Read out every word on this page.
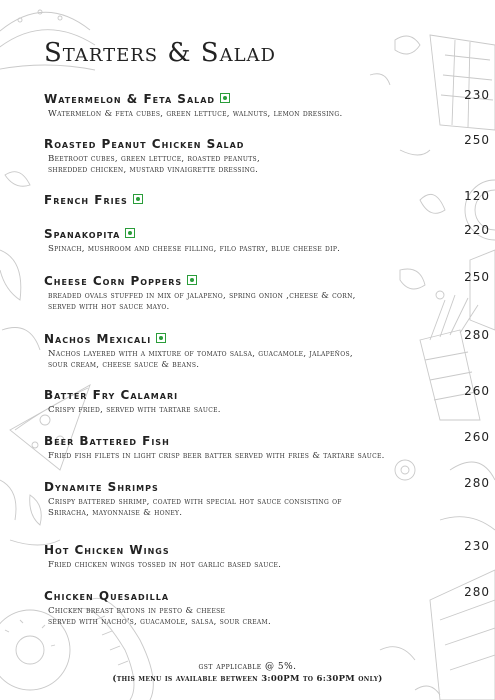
Starters & Salad
Watermelon & Feta Salad	230
Watermelon & feta cubes, green lettuce, walnuts, lemon dressing.
Roasted Peanut Chicken Salad	250
Beetroot cubes, green lettuce, roasted peanuts,
shredded chicken, mustard vinaigrette dressing.
French Fries	120
Spanakopita	220
Spinach, mushroom and cheese filling, filo pastry, blue cheese dip.
Cheese Corn Poppers	250
breaded ovals stuffed in mix of jalapeno, spring onion ,cheese & corn,
served with hot sauce mayo.
Nachos Mexicali	280
Nachos layered with a mixture of tomato salsa, guacamole, jalapeños,
sour cream, cheese sauce & beans.
Batter Fry Calamari	260
Crispy fried, served with tartare sauce.
Beer Battered Fish	260
Fried fish filets in light crisp beer batter served with fries & tartare sauce.
Dynamite Shrimps	280
Crispy battered shrimp, coated with special hot sauce consisting of
Sriracha, mayonnaise & honey.
Hot Chicken Wings	230
Fried chicken wings tossed in hot garlic based sauce.
Chicken Quesadilla	280
Chicken breast batons in pesto & cheese
served with nacho's, guacamole, salsa, sour cream.
gst applicable @ 5%.
(this menu is available between 3:00PM to 6:30PM only)
